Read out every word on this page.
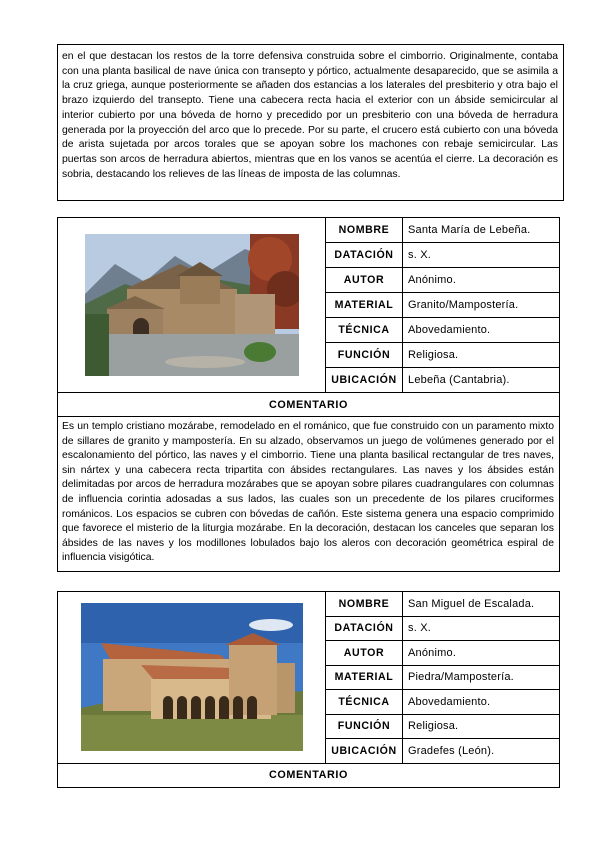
en el que destacan los restos de la torre defensiva construida sobre el cimborrio. Originalmente, contaba con una planta basilical de nave única con transepto y pórtico, actualmente desaparecido, que se asimila a la cruz griega, aunque posteriormente se añaden dos estancias a los laterales del presbiterio y otra bajo el brazo izquierdo del transepto. Tiene una cabecera recta hacia el exterior con un ábside semicircular al interior cubierto por una bóveda de horno y precedido por un presbiterio con una bóveda de herradura generada por la proyección del arco que lo precede. Por su parte, el crucero está cubierto con una bóveda de arista sujetada por arcos torales que se apoyan sobre los machones con rebaje semicircular. Las puertas son arcos de herradura abiertos, mientras que en los vanos se acentúa el cierre. La decoración es sobria, destacando los relieves de las líneas de imposta de las columnas.

	NOMBRE	Santa María de Lebeña.
	DATACIÓN	s. X.
	AUTOR	Anónimo.
	MATERIAL	Granito/Mampostería.
	TÉCNICA	Abovedamiento.
	FUNCIÓN	Religiosa.
	UBICACIÓN	Lebeña (Cantabria).
COMENTARIO		
Es un templo cristiano mozárabe, remodelado en el románico, que fue construido con un paramento mixto de sillares de granito y mampostería. En su alzado, observamos un juego de volúmenes generado por el escalonamiento del pórtico, las naves y el cimborrio. Tiene una planta basilical rectangular de tres naves, sin nártex y una cabecera recta tripartita con ábsides rectangulares. Las naves y los ábsides están delimitadas por arcos de herradura mozárabes que se apoyan sobre pilares cuadrangulares con columnas de influencia corintia adosadas a sus lados, las cuales son un precedente de los pilares cruciformes románicos. Los espacios se cubren con bóvedas de cañón. Este sistema genera una espacio comprimido que favorece el misterio de la liturgia mozárabe. En la decoración, destacan los canceles que separan los ábsides de las naves y los modillones lobulados bajo los aleros con decoración geométrica espiral de influencia visigótica.		
	NOMBRE	San Miguel de Escalada.
	DATACIÓN	s. X.
	AUTOR	Anónimo.
	MATERIAL	Piedra/Mampostería.
	TÉCNICA	Abovedamiento.
	FUNCIÓN	Religiosa.
	UBICACIÓN	Gradefes (León).
COMENTARIO		
